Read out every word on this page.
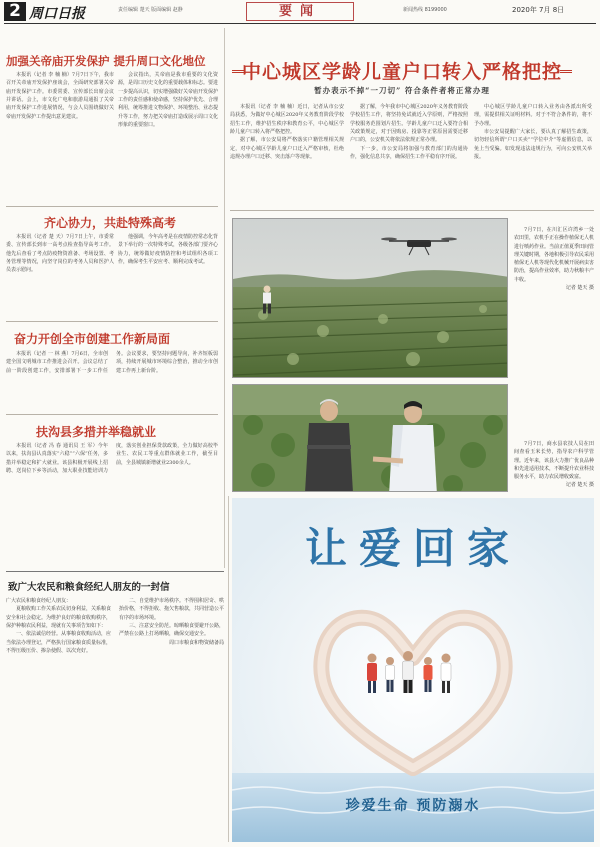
2 周口日报	责任编辑 楚天 版面编辑 赵静	要闻	新闻热线 8199000	2020年 7月 8日
加强关帝庙开发保护 提升周口文化地位

本报讯（记者 李 楠 楠）7月7日下午，我市召开关帝庙开发保护座谈会，全面研究部署关帝庙开发保护工作。市委常委、宣传部长出席会议并讲话。会上，市文化广电和旅游局通报了关帝庙开发保护工作进展情况，与会人员围绕做好关帝庙开发保护工作提出意见建议。

会议指出，关帝庙是我市重要的文化资源，是周口历史文化的重要载体和标志。要进一步提高认识，切实增强做好关帝庙开发保护工作的责任感和使命感，坚持保护优先、合理利用，统筹推进文物保护、环境整治、业态提升等工作，努力把关帝庙打造成展示周口文化形象的重要窗口。

齐心协力，共赴特殊高考

本报讯（记者 楚 天）7月7日上午，市委常委、宣传部长到市一高考点检查指导高考工作。他先后查看了考点防疫物资准备、考场设置、考务管理等情况，向坚守岗位的考务人员和医护人员表示慰问。

他强调，今年高考是在疫情防控常态化背景下举行的一次特殊考试，各级各部门要齐心协力，统筹做好疫情防控和考试组织各项工作，确保考生平安应考、顺利完成考试。

奋力开创全市创建工作新局面

本报讯（记者 一 林 燕）7月6日，全市创建全国文明城市工作推进会召开。会议总结了前一阶段创建工作，安排部署下一步工作任务。会议要求，要坚持问题导向，补齐短板弱项，持续开展城市环境综合整治，推动全市创建工作再上新台阶。

扶沟县多措并举稳就业

本报讯（记者 冯 春 通讯员 王 军）今年以来，扶沟县认真落实“六稳”“六保”任务，多措并举稳定和扩大就业。该县积极开展线上招聘、送岗位下乡等活动，加大职业技能培训力度，落实创业担保贷款政策，全力做好高校毕业生、农民工等重点群体就业工作，截至目前，全县城镇新增就业2300余人。

致广大农民和粮食经纪人朋友的一封信

广大农民和粮食经纪人朋友：

夏粮收购工作关系农民切身利益，关系粮食安全和社会稳定。为维护良好的粮食收购秩序，保护种粮农民利益，现就有关事项告知如下：

一、依法诚信经营。从事粮食收购活动，应当依法办理登记，严格执行国家粮食质量标准，不得压级压价、掺杂使假、以次充好。

二、自觉维护市场秩序。不得囤积居奇、哄抬价格，不得拒收、拖欠售粮款，共同营造公平有序的市场环境。

三、注意安全防范。晾晒粮食要避开公路，严禁在公路上打场晒粮，确保交通安全。

周口市粮食和物资储备局

中心城区学龄儿童户口转入严格把控
暂办表示不掉“一刀切” 符合条件者将正常办理

本报讯（记者 李 楠 楠）近日，记者从市公安局获悉，为做好中心城区2020年义务教育阶段学校招生工作，维护招生秩序和教育公平，中心城区学龄儿童户口转入将严格把控。

据了解，市公安局将严格落实户籍管理相关规定，对中心城区学龄儿童户口迁入严格审核，杜绝违规办理户口迁移、突击落户等现象。

据了解，今年我市中心城区2020年义务教育阶段学校招生工作，将坚持免试就近入学原则，严格按照学校服务范围划片招生。学龄儿童户口迁入要符合相关政策规定，对于因购房、投靠等正常原因需要迁移户口的，公安机关将依法依规正常办理。

下一步，市公安局将加强与教育部门的沟通协作，强化信息共享，确保招生工作平稳有序开展。

中心城区学龄儿童户口转入业务由各派出所受理，需提供相关证明材料。对于不符合条件的，将不予办理。

市公安局提醒广大家长，要认真了解招生政策，切勿轻信所谓“户口买卖”“学位中介”等虚假信息，以免上当受骗。如发现违法违规行为，可向公安机关举报。

7月7日，在川汇区许湾乡一处农田里，农机手正在操作植保无人机进行喷药作业。当前正值夏季田间管理关键时期，各地积极引导农民采用植保无人机等现代化机械开展病虫害防治，提高作业效率，助力秋粮丰产丰收。

记者 楚天 摄

7月7日，商水县农技人员在田间查看玉米长势，指导农户科学管理。近年来，该县大力推广优良品种和先进适用技术，不断提升农业科技服务水平，助力农民增收致富。

记者 楚天 摄

让爱回家
珍爱生命 预防溺水
